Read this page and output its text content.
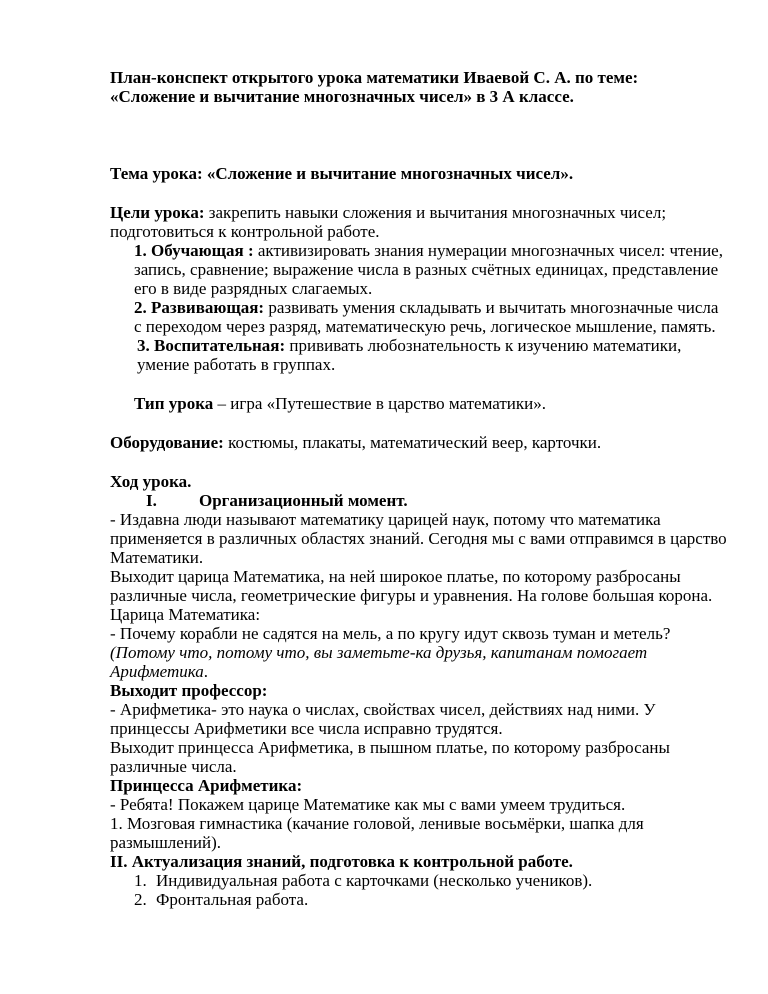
План-конспект открытого урока математики Иваевой С. А. по теме:

«Сложение и вычитание многозначных чисел» в 3 А классе.

Тема урока: «Сложение и вычитание многозначных чисел».

Цели урока: закрепить навыки сложения и вычитания многозначных чисел; подготовиться к контрольной работе.

1. Обучающая : активизировать знания нумерации многозначных чисел: чтение, запись, сравнение; выражение числа в разных счётных единицах, представление его в виде разрядных слагаемых.

2. Развивающая: развивать умения складывать и вычитать многозначные числа с переходом через разряд, математическую речь, логическое мышление, память.

3. Воспитательная: прививать любознательность к изучению математики, умение работать в группах.

Тип урока – игра «Путешествие в царство математики».

Оборудование: костюмы, плакаты, математический веер, карточки.

Ход урока.

I.	Организационный момент.

- Издавна люди называют математику царицей наук, потому что математика применяется в различных областях знаний. Сегодня мы с вами отправимся в царство Математики.

Выходит царица Математика, на ней широкое платье, по которому разбросаны различные числа, геометрические фигуры и уравнения. На голове большая корона.

Царица Математика:

- Почему корабли не садятся на мель, а по кругу идут сквозь туман и метель?

(Потому что, потому что, вы заметьте-ка друзья, капитанам помогает Арифметика.

Выходит профессор:

- Арифметика- это наука о числах, свойствах чисел, действиях над ними. У принцессы Арифметики все числа исправно трудятся.

Выходит принцесса Арифметика, в пышном платье, по которому разбросаны различные числа.

Принцесса Арифметика:

- Ребята! Покажем царице Математике как мы с вами умеем трудиться.

1. Мозговая гимнастика (качание головой, ленивые восьмёрки, шапка для размышлений).

II. Актуализация знаний, подготовка к контрольной работе.

1. Индивидуальная работа с карточками (несколько учеников).
2. Фронтальная работа.
